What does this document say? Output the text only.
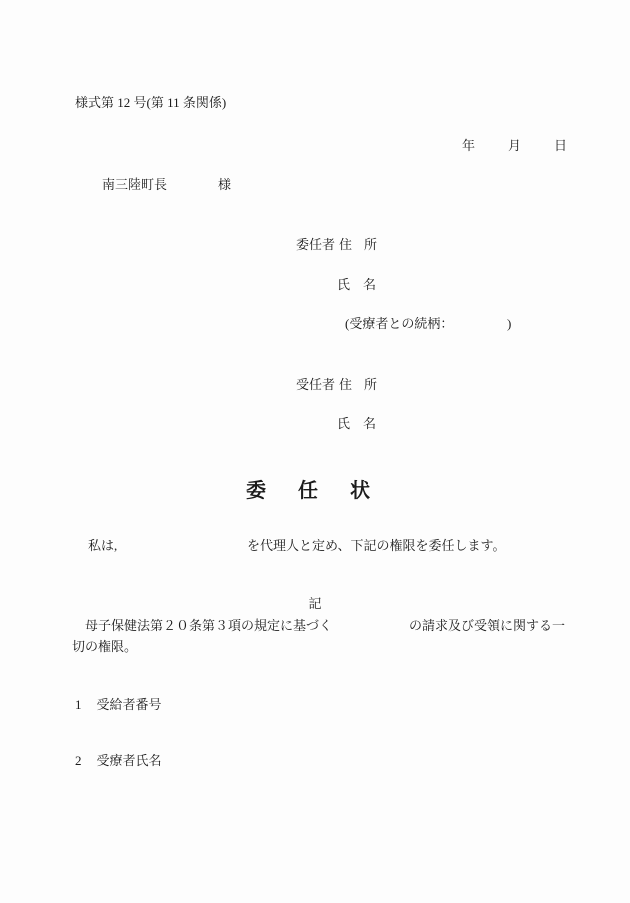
様式第 12 号(第 11 条関係)
年	月	日
南三陸町長	様
委任者 住 所
氏 名
(受療者との続柄：	)
受任者 住 所
氏 名
委任状
私は,	を代理人と定め、下記の権限を委任します。
記
母子保健法第２０条第３項の規定に基づく	の請求及び受領に関する一
切の権限。
1 受給者番号
2 受療者氏名
